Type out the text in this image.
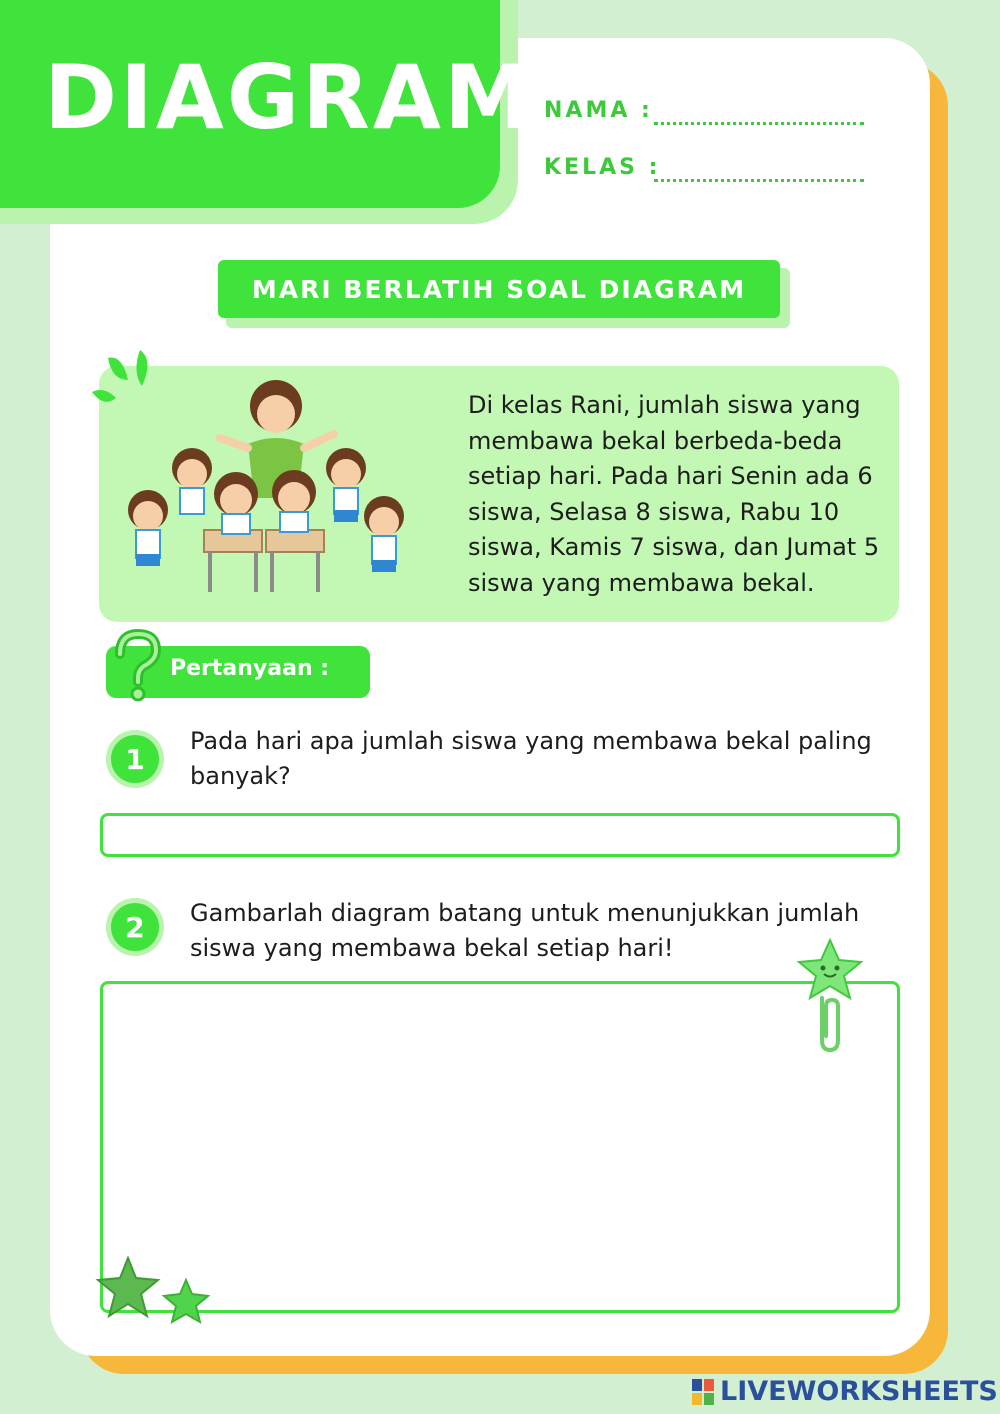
DIAGRAM NAMA :
KELAS :
MARI BERLATIH SOAL DIAGRAM
Di kelas Rani, jumlah siswa yang membawa bekal berbeda-beda setiap hari. Pada hari Senin ada 6 siswa, Selasa 8 siswa, Rabu 10 siswa, Kamis 7 siswa, dan Jumat 5 siswa yang membawa bekal.
Pertanyaan :
1
Pada hari apa jumlah siswa yang membawa bekal paling banyak?
2 Gambarlah diagram batang untuk menunjukkan jumlah siswa yang membawa bekal setiap hari!
LIVEWORKSHEETS
